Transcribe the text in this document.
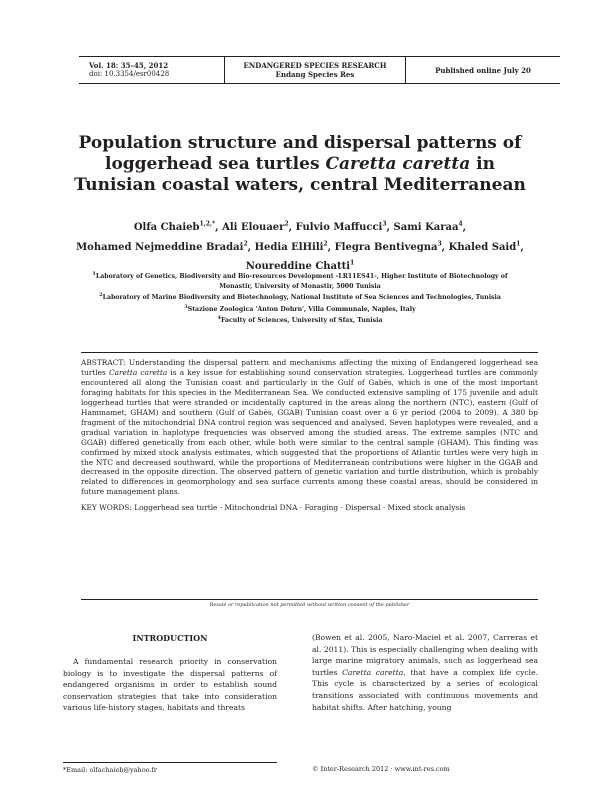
Vol. 18: 35–45, 2012
doi: 10.3354/esr00428
ENDANGERED SPECIES RESEARCH
Endang Species Res	Published online July 20
Population structure and dispersal patterns of loggerhead sea turtles Caretta caretta in Tunisian coastal waters, central Mediterranean
Olfa Chaieb$^{1,2,*}$, Ali Elouaer$^2$, Fulvio Maffucci$^3$, Sami Karaa$^4$,
Mohamed Nejmeddine Bradai$^2$, Hedia ElHili$^2$, Flegra Bentivegna$^3$, Khaled Said$^1$,
Noureddine Chatti$^1$
$^1$Laboratory of Genetics, Biodiversity and Bio-resources Development -LR11ES41-, Higher Institute of Biotechnology of Monastir, University of Monastir, 5000 Tunisia
$^2$Laboratory of Marine Biodiversity and Biotechnology, National Institute of Sea Sciences and Technologies, Tunisia
$^3$Stazione Zoologica 'Anton Dohrn', Villa Communale, Naples, Italy
$^4$Faculty of Sciences, University of Sfax, Tunisia

ABSTRACT: Understanding the dispersal pattern and mechanisms affecting the mixing of Endangered loggerhead sea turtles Caretta caretta is a key issue for establishing sound conservation strategies. Loggerhead turtles are commonly encountered all along the Tunisian coast and particularly in the Gulf of Gabès, which is one of the most important foraging habitats for this species in the Mediterranean Sea. We conducted extensive sampling of 175 juvenile and adult loggerhead turtles that were stranded or incidentally captured in the areas along the northern (NTC), eastern (Gulf of Hammamet, GHAM) and southern (Gulf of Gabès, GGAB) Tunisian coast over a 6 yr period (2004 to 2009). A 380 bp fragment of the mitochondrial DNA control region was sequenced and analysed. Seven haplotypes were revealed, and a gradual variation in haplotype frequencies was observed among the studied areas. The extreme samples (NTC and GGAB) differed genetically from each other, while both were similar to the central sample (GHAM). This finding was confirmed by mixed stock analysis estimates, which suggested that the proportions of Atlantic turtles were very high in the NTC and decreased southward, while the proportions of Mediterranean contributions were higher in the GGAB and decreased in the opposite direction. The observed pattern of genetic variation and turtle distribution, which is probably related to differences in geomorphology and sea surface currents among these coastal areas, should be considered in future management plans.

KEY WORDS: Loggerhead sea turtle · Mitochondrial DNA · Foraging · Dispersal · Mixed stock analysis

Resale or republication not permitted without written consent of the publisher
INTRODUCTION

A fundamental research priority in conservation biology is to investigate the dispersal patterns of endangered organisms in order to establish sound conservation strategies that take into consideration various life-history stages, habitats and threats

(Bowen et al. 2005, Naro-Maciel et al. 2007, Carreras et al. 2011). This is especially challenging when dealing with large marine migratory animals, such as loggerhead sea turtles Caretta caretta, that have a complex life cycle. This cycle is characterized by a series of ecological transitions associated with continuous movements and habitat shifts. After hatching, young

*Email: olfachaieb@yahoo.fr	© Inter-Research 2012 · www.int-res.com
